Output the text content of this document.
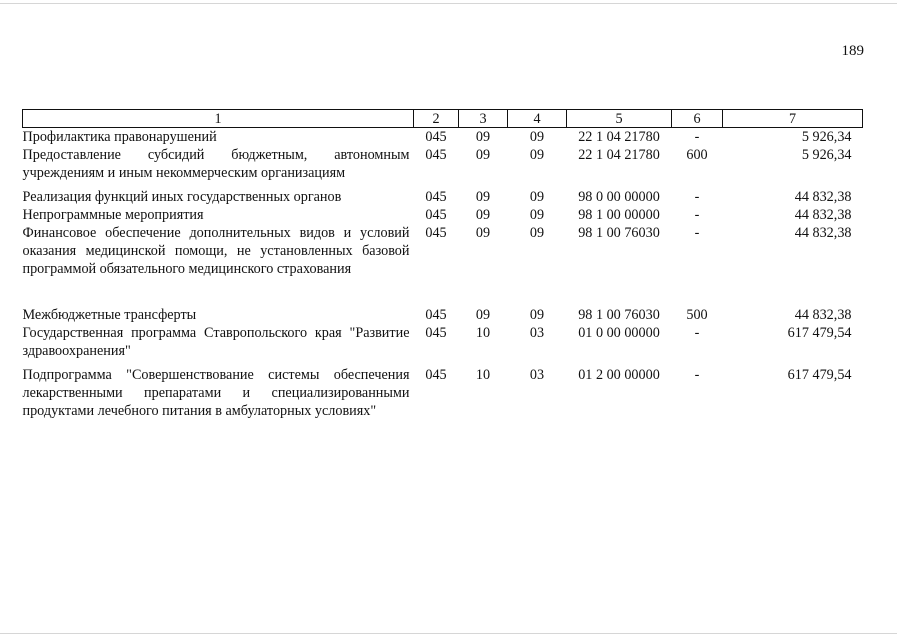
189
1	2	3	4	5	6	7
Профилактика правонарушений	045	09	09	22 1 04 21780	-	5 926,34
Предоставление субсидий бюджетным, автономным учреждениям и иным некоммерческим организациям	045	09	09	22 1 04 21780	600	5 926,34
Реализация функций иных государственных органов	045	09	09	98 0 00 00000	-	44 832,38
Непрограммные мероприятия	045	09	09	98 1 00 00000	-	44 832,38
Финансовое обеспечение дополнительных видов и условий оказания медицинской помощи, не установленных базовой программой обязательного медицинского страхования	045	09	09	98 1 00 76030	-	44 832,38
Межбюджетные трансферты	045	09	09	98 1 00 76030	500	44 832,38
Государственная программа Ставропольского края "Развитие здравоохранения"	045	10	03	01 0 00 00000	-	617 479,54
Подпрограмма "Совершенствование системы обеспечения лекарственными препаратами и специализированными продуктами лечебного питания в амбулаторных условиях"	045	10	03	01 2 00 00000	-	617 479,54
